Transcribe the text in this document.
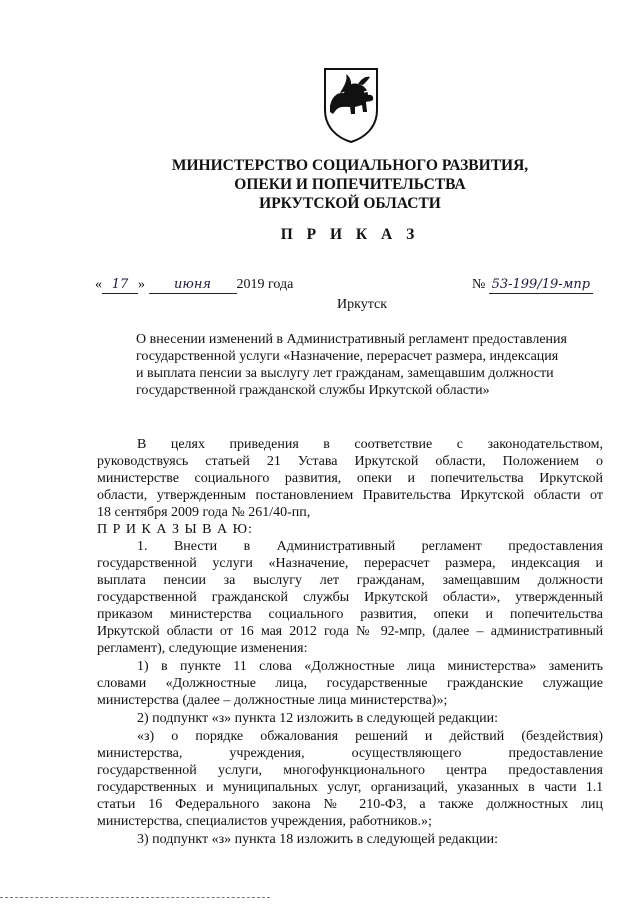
МИНИСТЕРСТВО СОЦИАЛЬНОГО РАЗВИТИЯ,
ОПЕКИ И ПОПЕЧИТЕЛЬСТВА
ИРКУТСКОЙ ОБЛАСТИ
П Р И К А З
« 17 » июня 2019 года	№ 53-199/19-мпр
Иркутск
О внесении изменений в Административный регламент предоставления
государственной услуги «Назначение, перерасчет размера, индексация
и выплата пенсии за выслугу лет гражданам, замещавшим должности
государственной гражданской службы Иркутской области»
В целях приведения в соответствие с законодательством,
руководствуясь статьей 21 Устава Иркутской области, Положением о
министерстве социального развития, опеки и попечительства Иркутской
области, утвержденным постановлением Правительства Иркутской области от
18 сентября 2009 года № 261/40-пп,
П Р И К А З Ы В А Ю:
1. Внести в Административный регламент предоставления
государственной услуги «Назначение, перерасчет размера, индексация и
выплата пенсии за выслугу лет гражданам, замещавшим должности
государственной гражданской службы Иркутской области», утвержденный
приказом министерства социального развития, опеки и попечительства
Иркутской области от 16 мая 2012 года № 92-мпр, (далее – административный
регламент), следующие изменения:
1) в пункте 11 слова «Должностные лица министерства» заменить
словами «Должностные лица, государственные гражданские служащие
министерства (далее – должностные лица министерства)»;
2) подпункт «з» пункта 12 изложить в следующей редакции:
«з) о порядке обжалования решений и действий (бездействия)
министерства, учреждения, осуществляющего предоставление
государственной услуги, многофункционального центра предоставления
государственных и муниципальных услуг, организаций, указанных в части 1.1
статьи 16 Федерального закона № 210-ФЗ, а также должностных лиц
министерства, специалистов учреждения, работников.»;
3) подпункт «з» пункта 18 изложить в следующей редакции:
